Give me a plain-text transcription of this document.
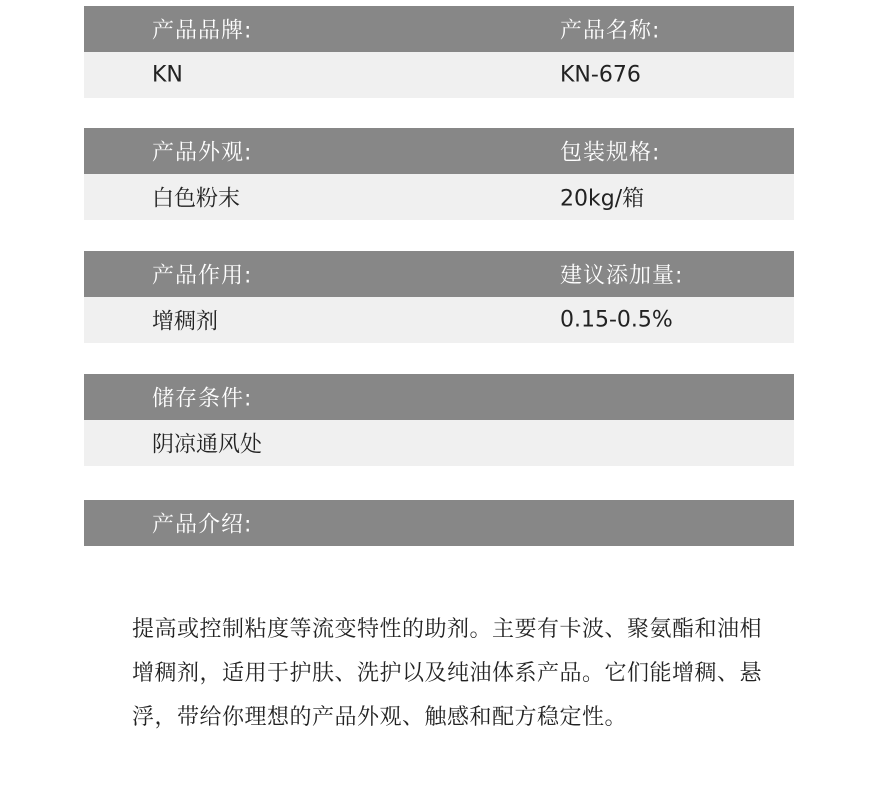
产品品牌:	产品名称:
KN	KN-676
产品外观:	包装规格:
白色粉末	20kg/箱
产品作用:	建议添加量:
增稠剂	0.15-0.5%
储存条件:
阴凉通风处
产品介绍:

提高或控制粘度等流变特性的助剂。主要有卡波、聚氨酯和油相增稠剂，适用于护肤、洗护以及纯油体系产品。它们能增稠、悬浮，带给你理想的产品外观、触感和配方稳定性。
